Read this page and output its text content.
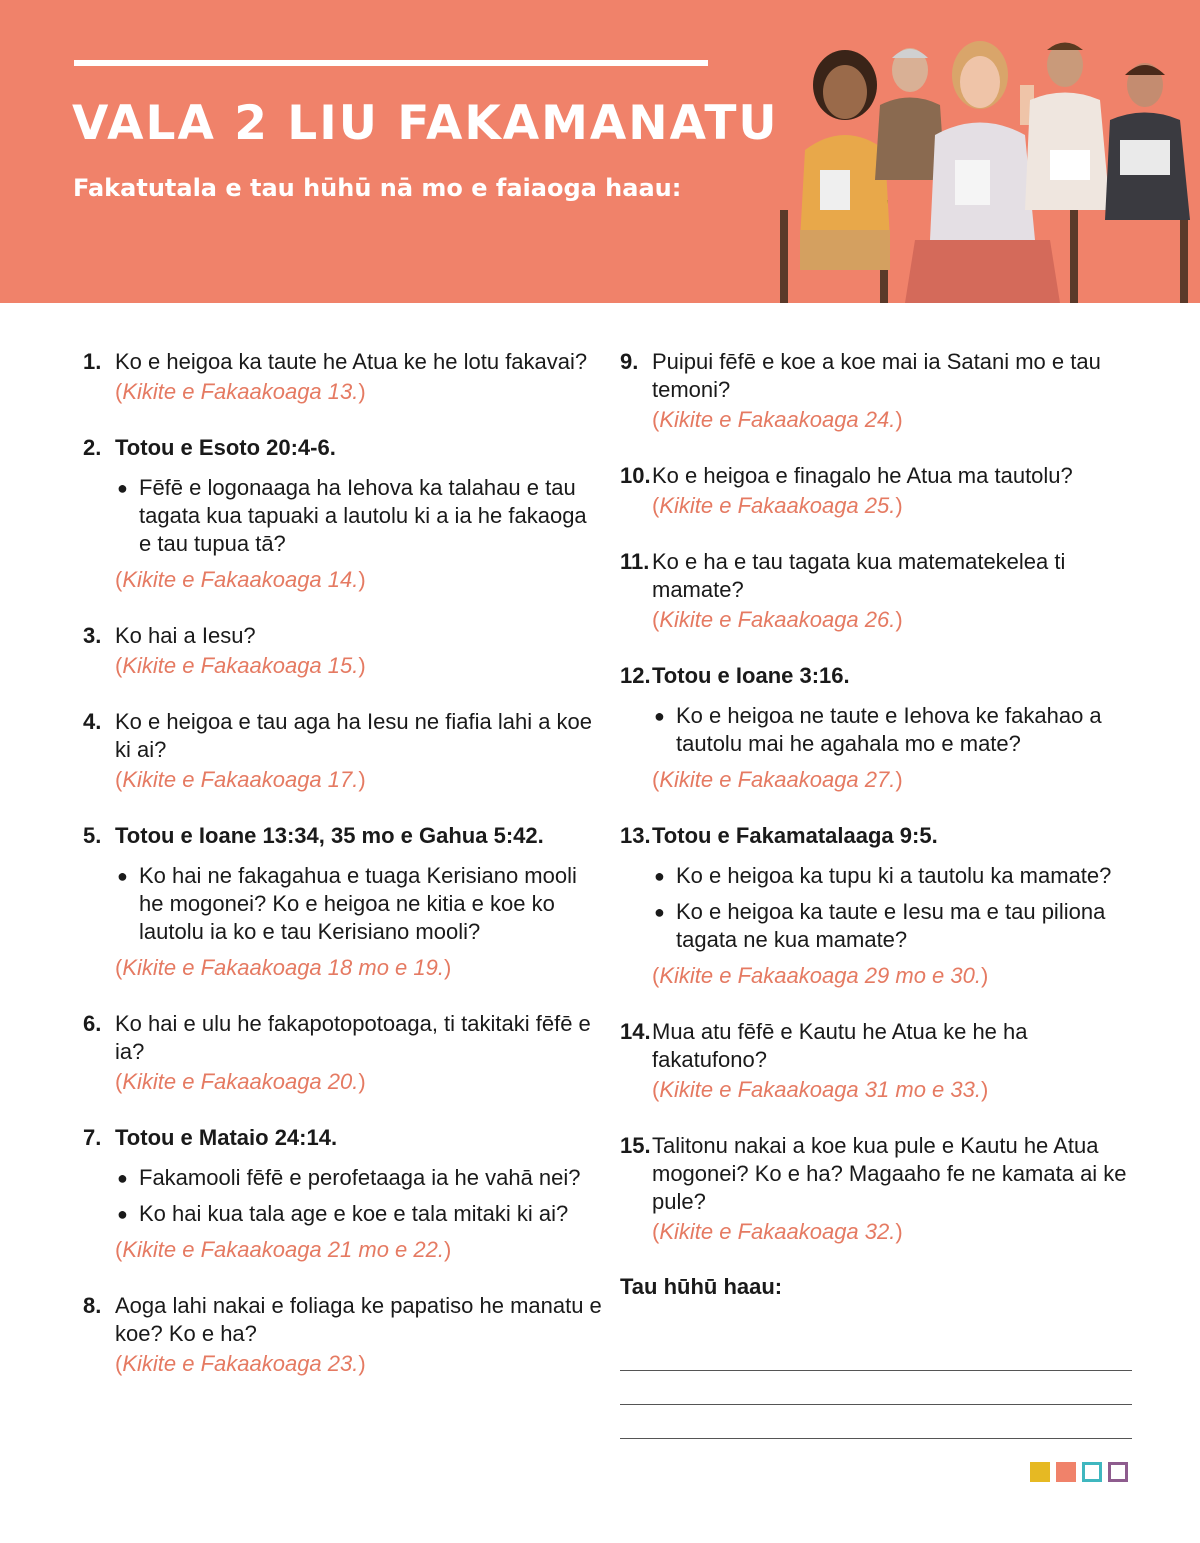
VALA 2 LIU FAKAMANATU
Fakatutala e tau hūhū nā mo e faiaoga haau:
1. Ko e heigoa ka taute he Atua ke he lotu fakavai?
(Kikite e Fakaakoaga 13.)
2. Totou e Esoto 20:4-6.
● Fēfē e logonaaga ha Iehova ka talahau e tau tagata kua tapuaki a lautolu ki a ia he fakaoga e tau tupua tā?
(Kikite e Fakaakoaga 14.)
3. Ko hai a Iesu?
(Kikite e Fakaakoaga 15.)
4. Ko e heigoa e tau aga ha Iesu ne fiafia lahi a koe ki ai?
(Kikite e Fakaakoaga 17.)
5. Totou e Ioane 13:34, 35 mo e Gahua 5:42.
● Ko hai ne fakagahua e tuaga Kerisiano mooli he mogonei? Ko e heigoa ne kitia e koe ko lautolu ia ko e tau Kerisiano mooli?
(Kikite e Fakaakoaga 18 mo e 19.)
6. Ko hai e ulu he fakapotopotoaga, ti takitaki fēfē e ia?
(Kikite e Fakaakoaga 20.)
7. Totou e Mataio 24:14.
● Fakamooli fēfē e perofetaaga ia he vahā nei?
● Ko hai kua tala age e koe e tala mitaki ki ai?
(Kikite e Fakaakoaga 21 mo e 22.)
8. Aoga lahi nakai e foliaga ke papatiso he manatu e koe? Ko e ha?
(Kikite e Fakaakoaga 23.)
9. Puipui fēfē e koe a koe mai ia Satani mo e tau temoni?
(Kikite e Fakaakoaga 24.)
10. Ko e heigoa e finagalo he Atua ma tautolu?
(Kikite e Fakaakoaga 25.)
11. Ko e ha e tau tagata kua matematekelea ti mamate?
(Kikite e Fakaakoaga 26.)
12. Totou e Ioane 3:16.
● Ko e heigoa ne taute e Iehova ke fakahao a tautolu mai he agahala mo e mate?
(Kikite e Fakaakoaga 27.)
13. Totou e Fakamatalaaga 9:5.
● Ko e heigoa ka tupu ki a tautolu ka mamate?
● Ko e heigoa ka taute e Iesu ma e tau piliona tagata ne kua mamate?
(Kikite e Fakaakoaga 29 mo e 30.)
14. Mua atu fēfē e Kautu he Atua ke he ha fakatufono?
(Kikite e Fakaakoaga 31 mo e 33.)
15. Talitonu nakai a koe kua pule e Kautu he Atua mogonei? Ko e ha? Magaaho fe ne kamata ai ke pule?
(Kikite e Fakaakoaga 32.)
Tau hūhū haau:
